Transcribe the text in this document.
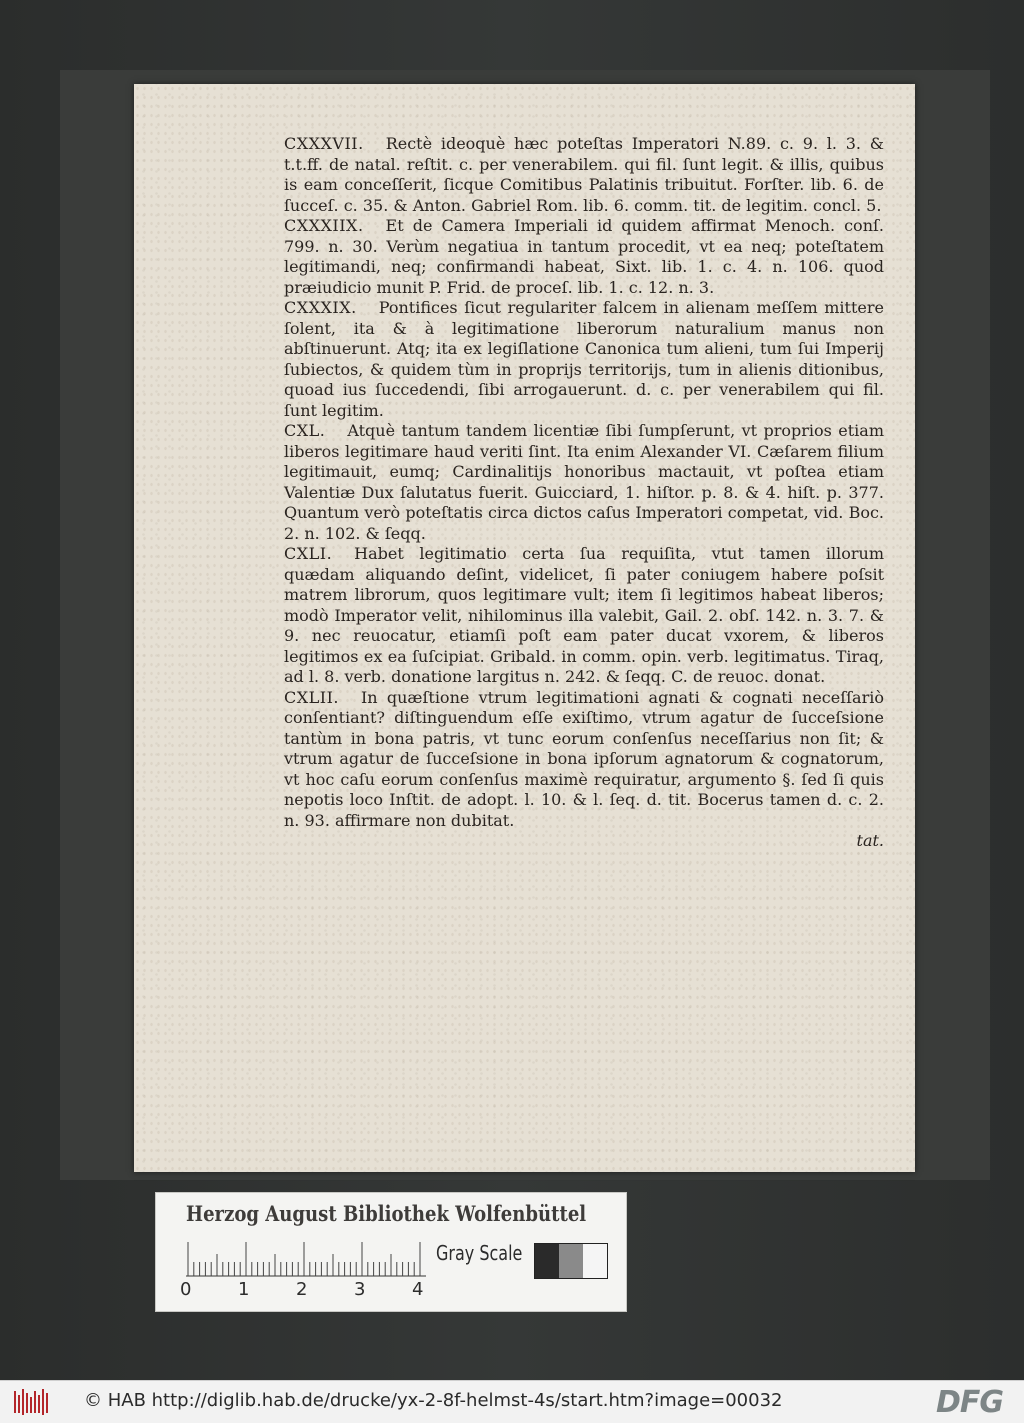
CXXXVII. Rectè ideoquè hæc poteſtas Imperatori N.89. c. 9. l. 3. & t.t.ff. de natal. reſtit. c. per venerabilem. qui fil. ſunt legit. & illis, quibus is eam conceſſerit, ſicque Comitibus Palatinis tribuitut. Forſter. lib. 6. de ſucceſ. c. 35. & Anton. Gabriel Rom. lib. 6. comm. tit. de legitim. concl. 5.

CXXXIIX. Et de Camera Imperiali id quidem affirmat Menoch. conſ. 799. n. 30. Verùm negatiua in tantum procedit, vt ea neq; poteſtatem legitimandi, neq; confirmandi habeat, Sixt. lib. 1. c. 4. n. 106. quod præiudicio munit P. Frid. de proceſ. lib. 1. c. 12. n. 3.

CXXXIX. Pontifices ſicut regulariter falcem in alienam meſſem mittere ſolent, ita & à legitimatione liberorum naturalium manus non abſtinuerunt. Atq; ita ex legiſlatione Canonica tum alieni, tum ſui Imperij ſubiectos, & quidem tùm in proprijs territorijs, tum in alienis ditionibus, quoad ius ſuccedendi, ſibi arrogauerunt. d. c. per venerabilem qui fil. ſunt legitim.

CXL. Atquè tantum tandem licentiæ ſibi ſumpſerunt, vt proprios etiam liberos legitimare haud veriti ſint. Ita enim Alexander VI. Cæſarem filium legitimauit, eumq; Cardinalitijs honoribus mactauit, vt poſtea etiam Valentiæ Dux ſalutatus fuerit. Guicciard, 1. hiſtor. p. 8. & 4. hiſt. p. 377. Quantum verò poteſtatis circa dictos caſus Imperatori competat, vid. Boc. 2. n. 102. & ſeqq.

CXLI. Habet legitimatio certa ſua requiſita, vtut tamen illorum quædam aliquando deſint, videlicet, ſi pater coniugem habere poſsit matrem librorum, quos legitimare vult; item ſi legitimos habeat liberos; modò Imperator velit, nihilominus illa valebit, Gail. 2. obſ. 142. n. 3. 7. & 9. nec reuocatur, etiamſi poſt eam pater ducat vxorem, & liberos legitimos ex ea ſuſcipiat. Gribald. in comm. opin. verb. legitimatus. Tiraq, ad l. 8. verb. donatione largitus n. 242. & ſeqq. C. de reuoc. donat.

CXLII. In quæſtione vtrum legitimationi agnati & cognati neceſſariò conſentiant? diſtinguendum eſſe exiſtimo, vtrum agatur de ſucceſsione tantùm in bona patris, vt tunc eorum conſenſus neceſſarius non ſit; & vtrum agatur de ſucceſsione in bona ipſorum agnatorum & cognatorum, vt hoc caſu eorum conſenſus maximè requiratur, argumento §. ſed ſi quis nepotis loco Inſtit. de adopt. l. 10. & l. ſeq. d. tit. Bocerus tamen d. c. 2. n. 93. affirmare non dubitat.

tat.
Herzog August Bibliothek Wolfenbüttel
0	1	2	3	4
Gray Scale
© HAB http://diglib.hab.de/drucke/yx-2-8f-helmst-4s/start.htm?image=00032	DFG
